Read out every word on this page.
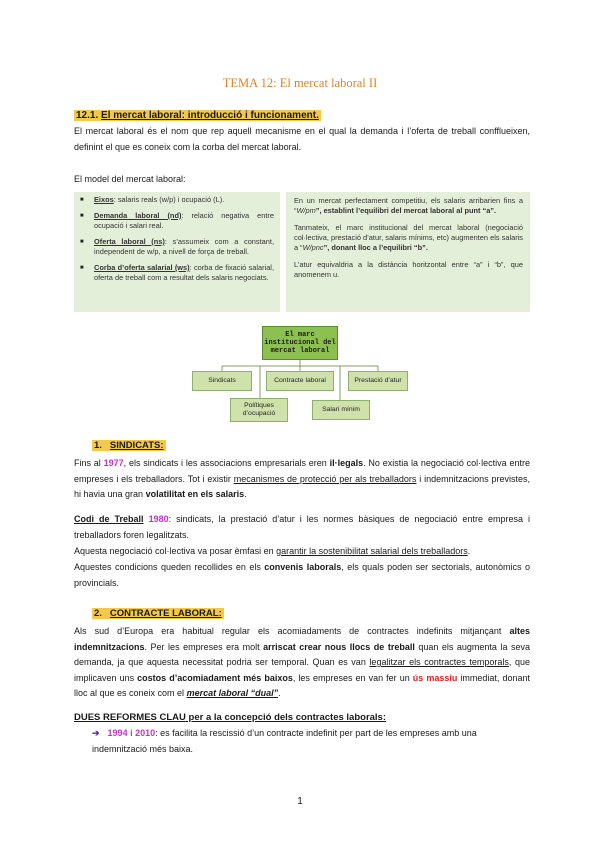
TEMA 12: El mercat laboral II
12.1. El mercat laboral: introducció i funcionament.
El mercat laboral és el nom que rep aquell mecanisme en el qual la demanda i l’oferta de treball confflueixen, definint el que es coneix com la corba del mercat laboral.
El model del mercat laboral:
■ Eixos: salaris reals (w/p) i ocupació (L).
■ Demanda laboral (nd): relació negativa entre ocupació i salari real.
■ Oferta laboral (ns): s’assumeix com a constant, independent de w/p, a nivell de força de treball.
■ Corba d’oferta salarial (ws): corba de fixació salarial, oferta de treball com a resultat dels salaris negociats.

En un mercat perfectament competitiu, els salaris arribarien fins a “W/pm”, establint l’equilibri del mercat laboral al punt “a”.

Tanmateix, el marc institucional del mercat laboral (negociació col·lectiva, prestació d’atur, salaris mínims, etc) augmenten els salaris a “W/pnc”, donant lloc a l’equilibri “b”.

L’atur equivaldria a la distància horitzontal entre “a” i “b”, que anomenem u.

El marc institucional del mercat laboral
Sindicats	Contracte laboral	Prestació d’atur
Polítiques d’ocupació
Salari mínim
1. SINDICATS:
Fins al 1977, els sindicats i les associacions empresarials eren il·legals. No existia la negociació col·lectiva entre empreses i els treballadors. Tot i existir mecanismes de protecció per als treballadors i indemnitzacions previstes, hi havia una gran volatilitat en els salaris.
Codi de Treball 1980: sindicats, la prestació d’atur i les normes bàsiques de negociació entre empresa i treballadors foren legalitzats.
Aquesta negociació col·lectiva va posar èmfasi en garantir la sostenibilitat salarial dels treballadors.
Aquestes condicions queden recollides en els convenis laborals, els quals poden ser sectorials, autonòmics o provincials.
2. CONTRACTE LABORAL:
Als sud d’Europa era habitual regular els acomiadaments de contractes indefinits mitjançant altes indemnitzacions. Per les empreses era molt arriscat crear nous llocs de treball quan els augmenta la seva demanda, ja que aquesta necessitat podria ser temporal. Quan es van legalitzar els contractes temporals, que implicaven uns costos d’acomiadament més baixos, les empreses en van fer un ús massiu immediat, donant lloc al que es coneix com el mercat laboral “dual”.
DUES REFORMES CLAU per a la concepció dels contractes laborals:
➔ 1994 i 2010: es facilita la rescissió d’un contracte indefinit per part de les empreses amb una indemnització més baixa.
1
